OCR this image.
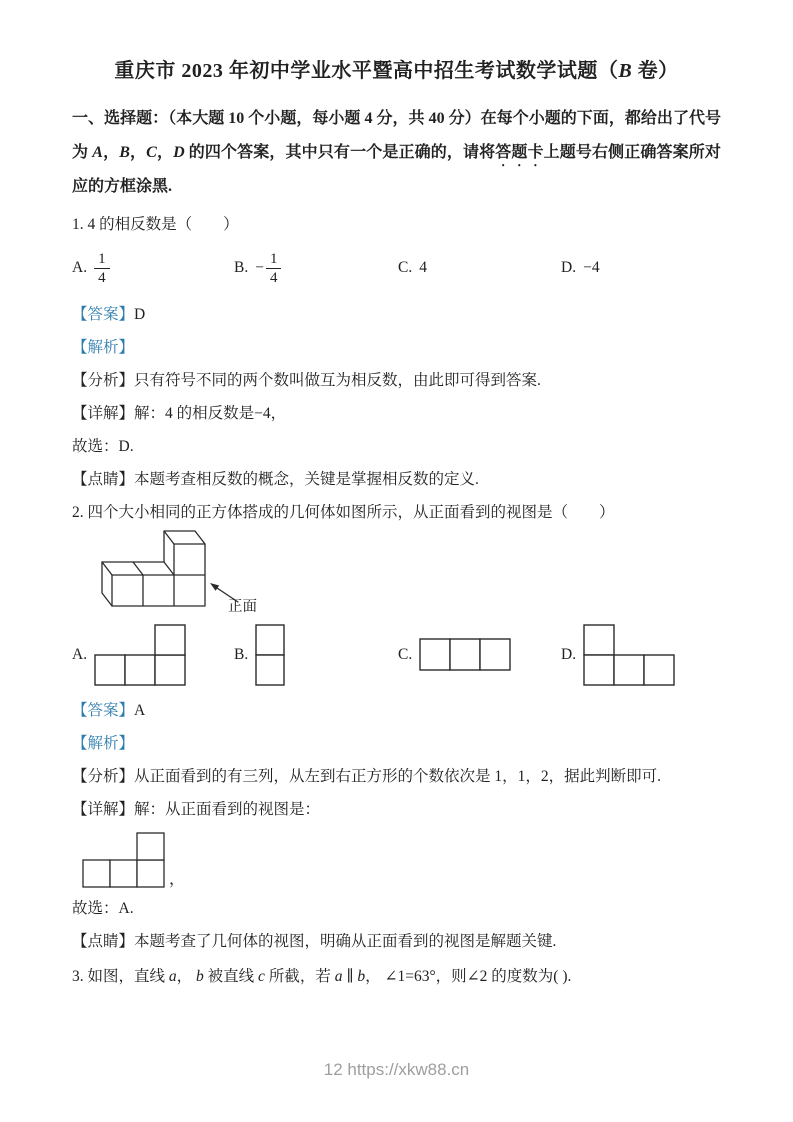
重庆市 2023 年初中学业水平暨高中招生考试数学试题（B 卷）

一、选择题：（本大题 10 个小题，每小题 4 分，共 40 分）在每个小题的下面，都给出了代号为 A，B，C，D 的四个答案，其中只有一个是正确的，请将答题卡上题号右侧正确答案所对应的方框涂黑.

1. 4 的相反数是（　　）

A. $\frac{1}{4}$	B. − $\frac{1}{4}$	C. 4	D. −4

【答案】D

【解析】

【分析】只有符号不同的两个数叫做互为相反数，由此即可得到答案.

【详解】解：4 的相反数是−4，

故选：D.

【点睛】本题考查相反数的概念，关键是掌握相反数的定义.

2. 四个大小相同的正方体搭成的几何体如图所示，从正面看到的视图是（　　）

正面
A.	B.	C.	D.

【答案】A

【解析】

【分析】从正面看到的有三列，从左到右正方形的个数依次是 1，1，2，据此判断即可.

【详解】解：从正面看到的视图是：

，

故选：A.

【点睛】本题考查了几何体的视图，明确从正面看到的视图是解题关键.

3. 如图，直线 a， b 被直线 c 所截，若 a ∥ b， ∠1=63°，则∠2 的度数为( ).

12 https://xkw88.cn
